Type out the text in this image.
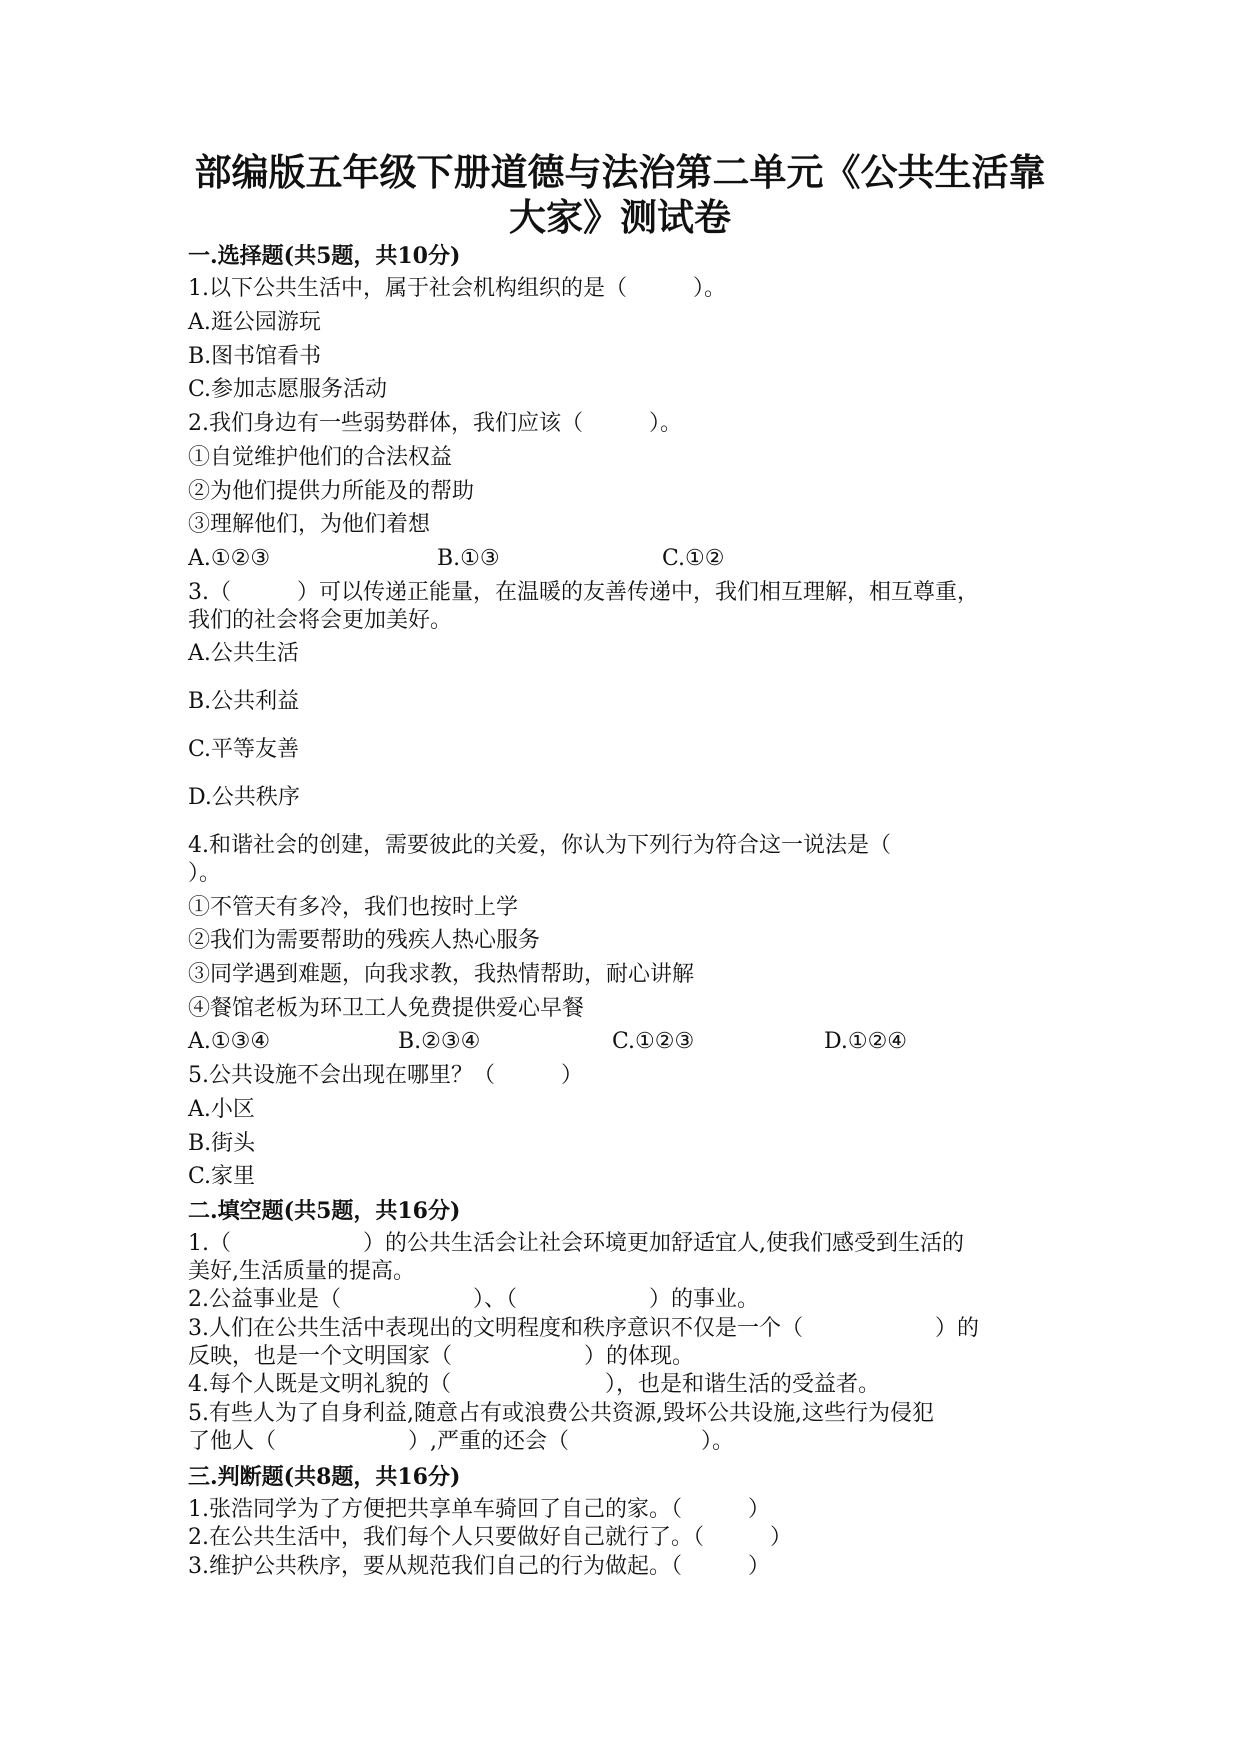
部编版五年级下册道德与法治第二单元《公共生活靠大家》测试卷
一.选择题(共5题，共10分)
1.以下公共生活中，属于社会机构组织的是（　　　）。
A.逛公园游玩
B.图书馆看书
C.参加志愿服务活动
2.我们身边有一些弱势群体，我们应该（　　　）。
①自觉维护他们的合法权益
②为他们提供力所能及的帮助
③理解他们，为他们着想
A.①②③	B.①③	C.①②
3.（　　　）可以传递正能量，在温暖的友善传递中，我们相互理解，相互尊重，
我们的社会将会更加美好。
A.公共生活
B.公共利益
C.平等友善
D.公共秩序
4.和谐社会的创建，需要彼此的关爱，你认为下列行为符合这一说法是（
）。
①不管天有多冷，我们也按时上学
②我们为需要帮助的残疾人热心服务
③同学遇到难题，向我求教，我热情帮助，耐心讲解
④餐馆老板为环卫工人免费提供爱心早餐
A.①③④	B.②③④	C.①②③	D.①②④
5.公共设施不会出现在哪里？（　　　）
A.小区
B.街头
C.家里
二.填空题(共5题，共16分)
1.（　　　　　　）的公共生活会让社会环境更加舒适宜人,使我们感受到生活的
美好,生活质量的提高。
2.公益事业是（　　　　　　）、（　　　　　　）的事业。
3.人们在公共生活中表现出的文明程度和秩序意识不仅是一个（　　　　　　）的
反映，也是一个文明国家（　　　　　　）的体现。
4.每个人既是文明礼貌的（　　　　　　　），也是和谐生活的受益者。
5.有些人为了自身利益,随意占有或浪费公共资源,毁坏公共设施,这些行为侵犯
了他人（　　　　　　）,严重的还会（　　　　　　）。
三.判断题(共8题，共16分)
1.张浩同学为了方便把共享单车骑回了自己的家。（　　　）
2.在公共生活中，我们每个人只要做好自己就行了。（　　　）
3.维护公共秩序，要从规范我们自己的行为做起。（　　　）
